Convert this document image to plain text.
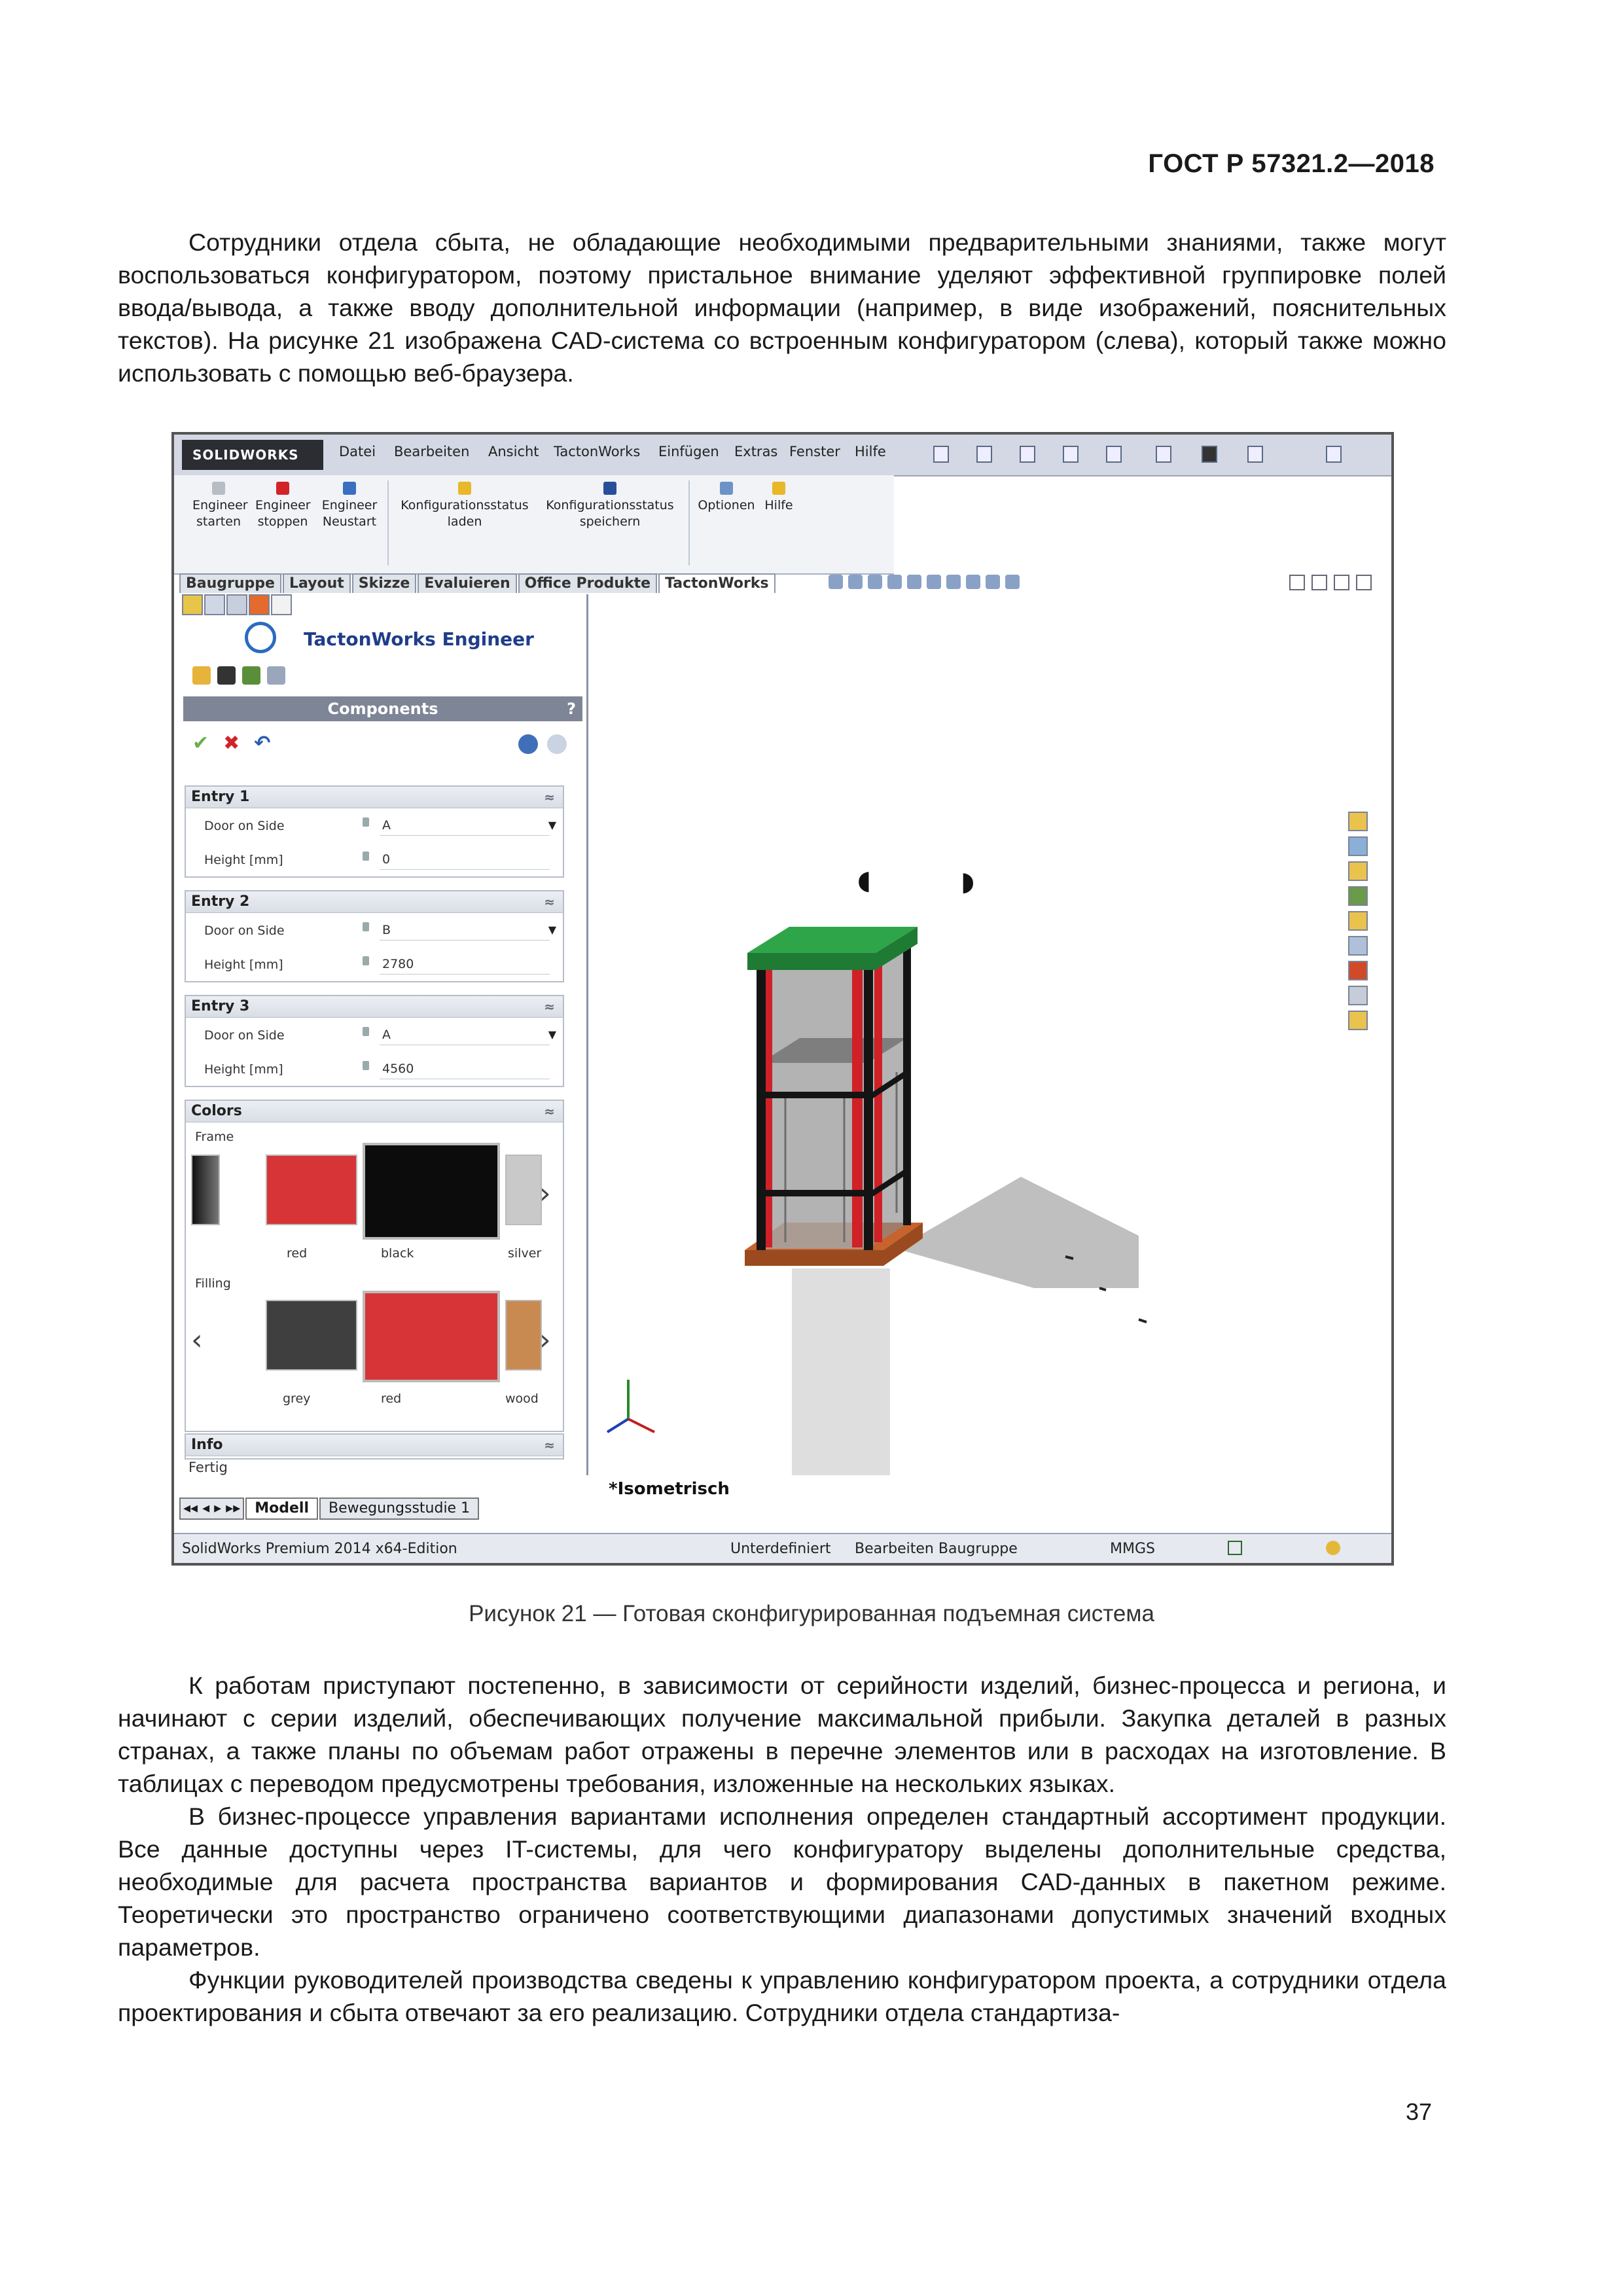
ГОСТ Р 57321.2—2018

Сотрудники отдела сбыта, не обладающие необходимыми предварительными знаниями, также могут воспользоваться конфигуратором, поэтому пристальное внимание уделяют эффективной группировке полей ввода/вывода, а также вводу дополнительной информации (например, в виде изображений, пояснительных текстов). На рисунке 21 изображена CAD-система со встроенным конфигуратором (слева), который также можно использовать с помощью веб-браузера.

SOLIDWORKS	Datei Bearbeiten Ansicht TactonWorks Einfügen Extras Fenster Hilfe
Engineer
starten
Engineer
stoppen
Engineer
Neustart
Konfigurationsstatus
laden
Konfigurationsstatus
speichern
Optionen Hilfe
Baugruppe Layout Skizze Evaluieren Office Produkte TactonWorks
TactonWorks Engineer
Components	?
✔ ✖ ↶
Entry 1	≈
Door on Side	A	▼
Height [mm]	0
Entry 2	≈
Door on Side	B	▼
Height [mm]	2780
Entry 3	≈
Door on Side	A	▼
Height [mm]	4560
Colors	≈
Frame
›
red	black	silver
Filling
‹	›
grey	red	wood
Info	≈
Fertig
◖	◗
*Isometrisch
◂◂ ◂ ▸ ▸▸ Modell Bewegungsstudie 1
SolidWorks Premium 2014 x64-Edition	Unterdefiniert Bearbeiten Baugruppe	MMGS
Рисунок 21 — Готовая сконфигурированная подъемная система

К работам приступают постепенно, в зависимости от серийности изделий, бизнес-процесса и региона, и начинают с серии изделий, обеспечивающих получение максимальной прибыли. Закупка деталей в разных странах, а также планы по объемам работ отражены в перечне элементов или в расходах на изготовление. В таблицах с переводом предусмотрены требования, изложенные на нескольких языках.

В бизнес-процессе управления вариантами исполнения определен стандартный ассортимент продукции. Все данные доступны через IT-системы, для чего конфигуратору выделены дополнительные средства, необходимые для расчета пространства вариантов и формирования CAD-данных в пакетном режиме. Теоретически это пространство ограничено соответствующими диапазонами допустимых значений входных параметров.

Функции руководителей производства сведены к управлению конфигуратором проекта, а сотрудники отдела проектирования и сбыта отвечают за его реализацию. Сотрудники отдела стандартиза-

37
